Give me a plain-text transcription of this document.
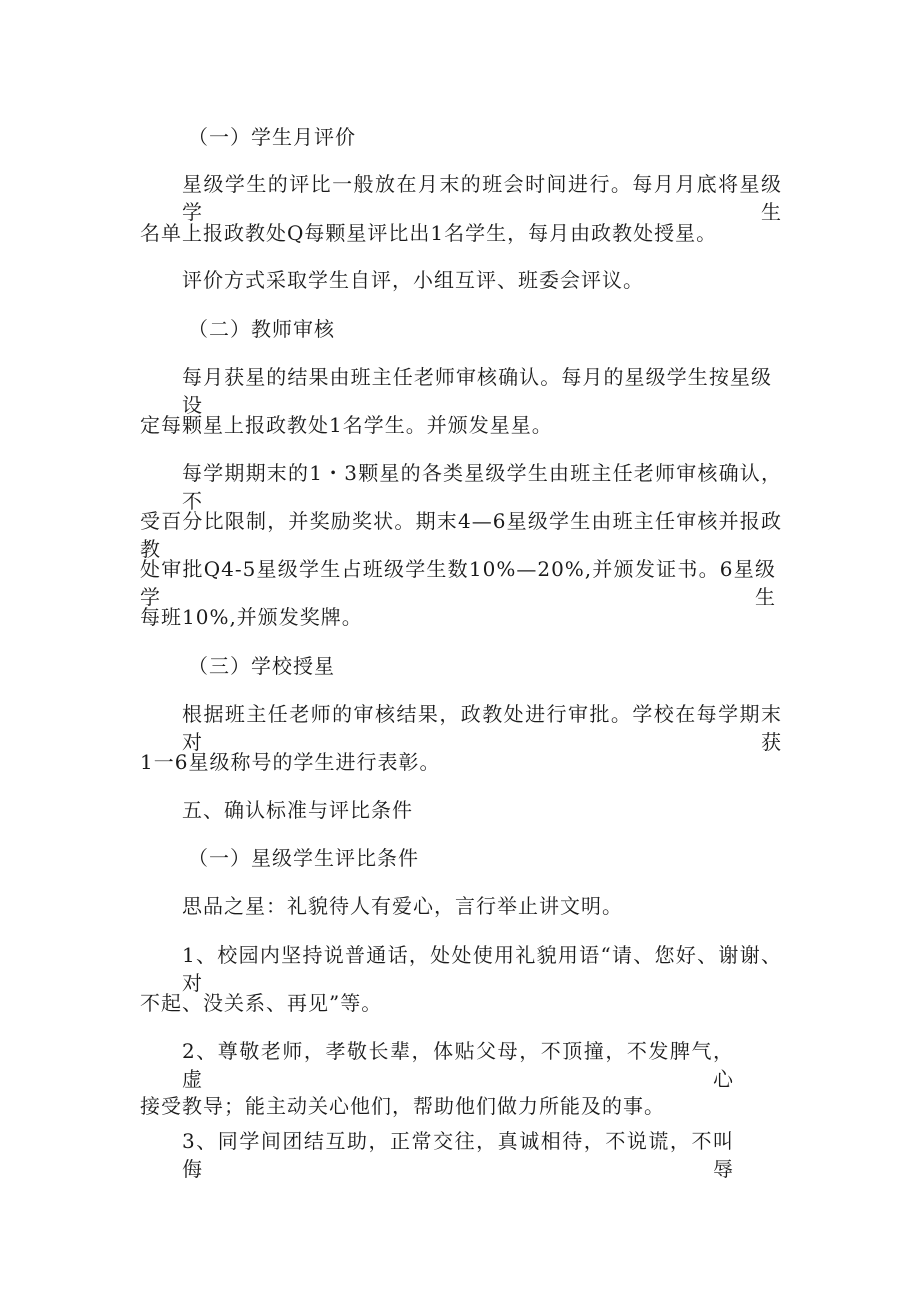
（一）学生月评价

星级学生的评比一般放在月末的班会时间进行。每月月底将星级学生

名单上报政教处Q每颗星评比出1名学生，每月由政教处授星。

评价方式采取学生自评，小组互评、班委会评议。

（二）教师审核

每月获星的结果由班主任老师审核确认。每月的星级学生按星级设

定每颗星上报政教处1名学生。并颁发星星。

每学期期末的1・3颗星的各类星级学生由班主任老师审核确认，不

受百分比限制，并奖励奖状。期末4—6星级学生由班主任审核并报政教

处审批Q4-5星级学生占班级学生数10%—20%,并颁发证书。6星级学生

每班10%,并颁发奖牌。

（三）学校授星

根据班主任老师的审核结果，政教处进行审批。学校在每学期末对获

1一6星级称号的学生进行表彰。

五、确认标准与评比条件

（一）星级学生评比条件

思品之星：礼貌待人有爱心，言行举止讲文明。

1、校园内坚持说普通话，处处使用礼貌用语“请、您好、谢谢、对

不起、没关系、再见”等。

2、尊敬老师，孝敬长辈，体贴父母，不顶撞，不发脾气，虚心

接受教导；能主动关心他们，帮助他们做力所能及的事。

3、同学间团结互助，正常交往，真诚相待，不说谎，不叫侮辱
